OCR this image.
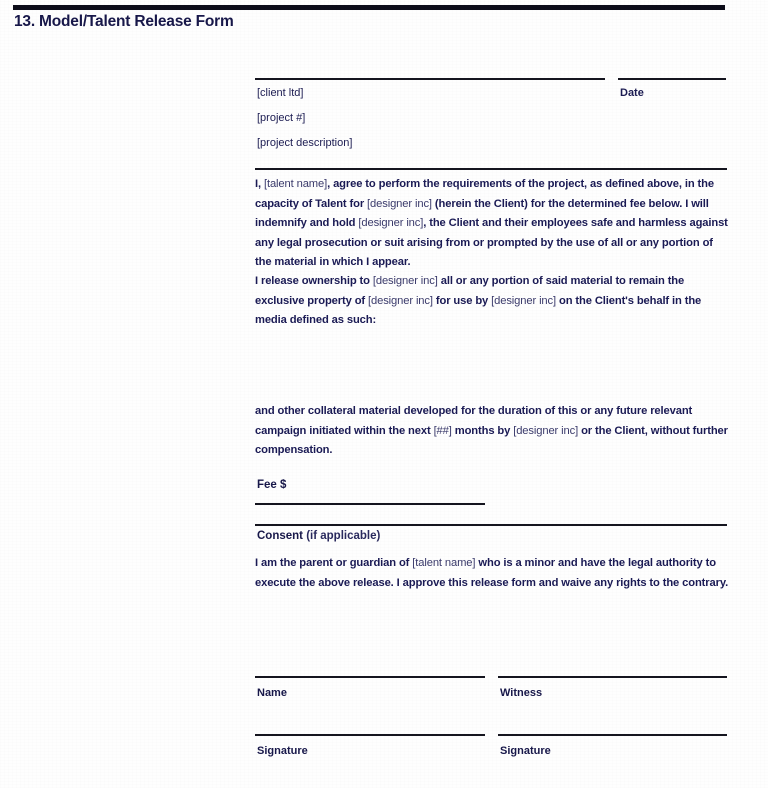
13. Model/Talent Release Form
[client ltd]	Date
[project #]
[project description]
I, [talent name], agree to perform the requirements of the project, as defined above, in the capacity of Talent for [designer inc] (herein the Client) for the determined fee below. I will indemnify and hold [designer inc], the Client and their employees safe and harmless against any legal prosecution or suit arising from or prompted by the use of all or any portion of the material in which I appear.
I release ownership to [designer inc] all or any portion of said material to remain the exclusive property of [designer inc] for use by [designer inc] on the Client's behalf in the media defined as such:
and other collateral material developed for the duration of this or any future relevant campaign initiated within the next [##] months by [designer inc] or the Client, without further compensation.
Fee $
Consent (if applicable)
I am the parent or guardian of [talent name] who is a minor and have the legal authority to execute the above release. I approve this release form and waive any rights to the contrary.
Name	Witness
Signature	Signature
